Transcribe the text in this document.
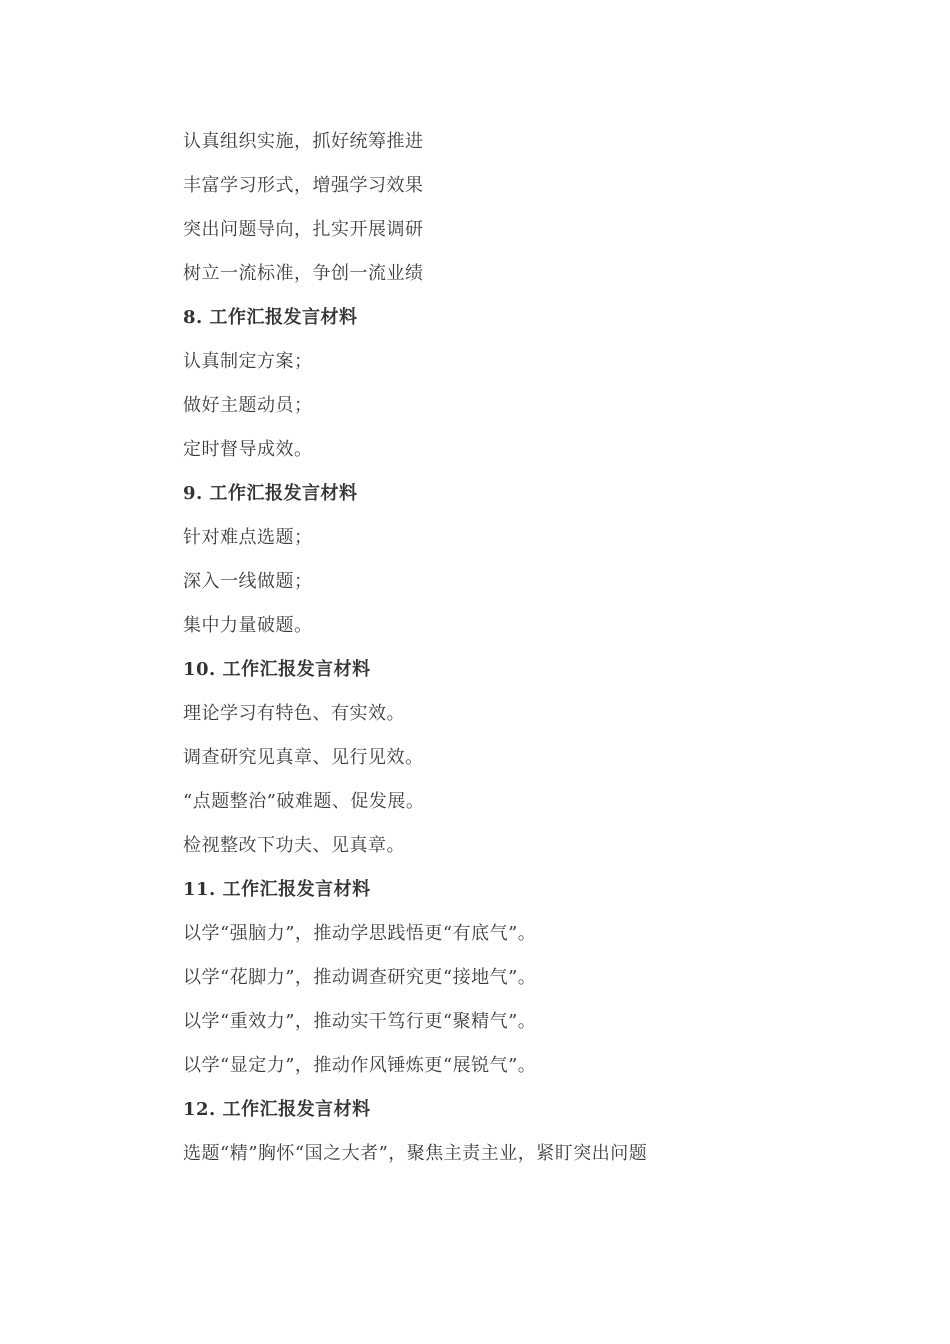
认真组织实施，抓好统筹推进
丰富学习形式，增强学习效果
突出问题导向，扎实开展调研
树立一流标准，争创一流业绩
8. 工作汇报发言材料
认真制定方案；
做好主题动员；
定时督导成效。
9. 工作汇报发言材料
针对难点选题；
深入一线做题；
集中力量破题。
10. 工作汇报发言材料
理论学习有特色、有实效。
调查研究见真章、见行见效。
“点题整治”破难题、促发展。
检视整改下功夫、见真章。
11. 工作汇报发言材料
以学“强脑力”，推动学思践悟更“有底气”。
以学“花脚力”，推动调查研究更“接地气”。
以学“重效力”，推动实干笃行更“聚精气”。
以学“显定力”，推动作风锤炼更“展锐气”。
12. 工作汇报发言材料
选题“精”胸怀“国之大者”，聚焦主责主业，紧盯突出问题
